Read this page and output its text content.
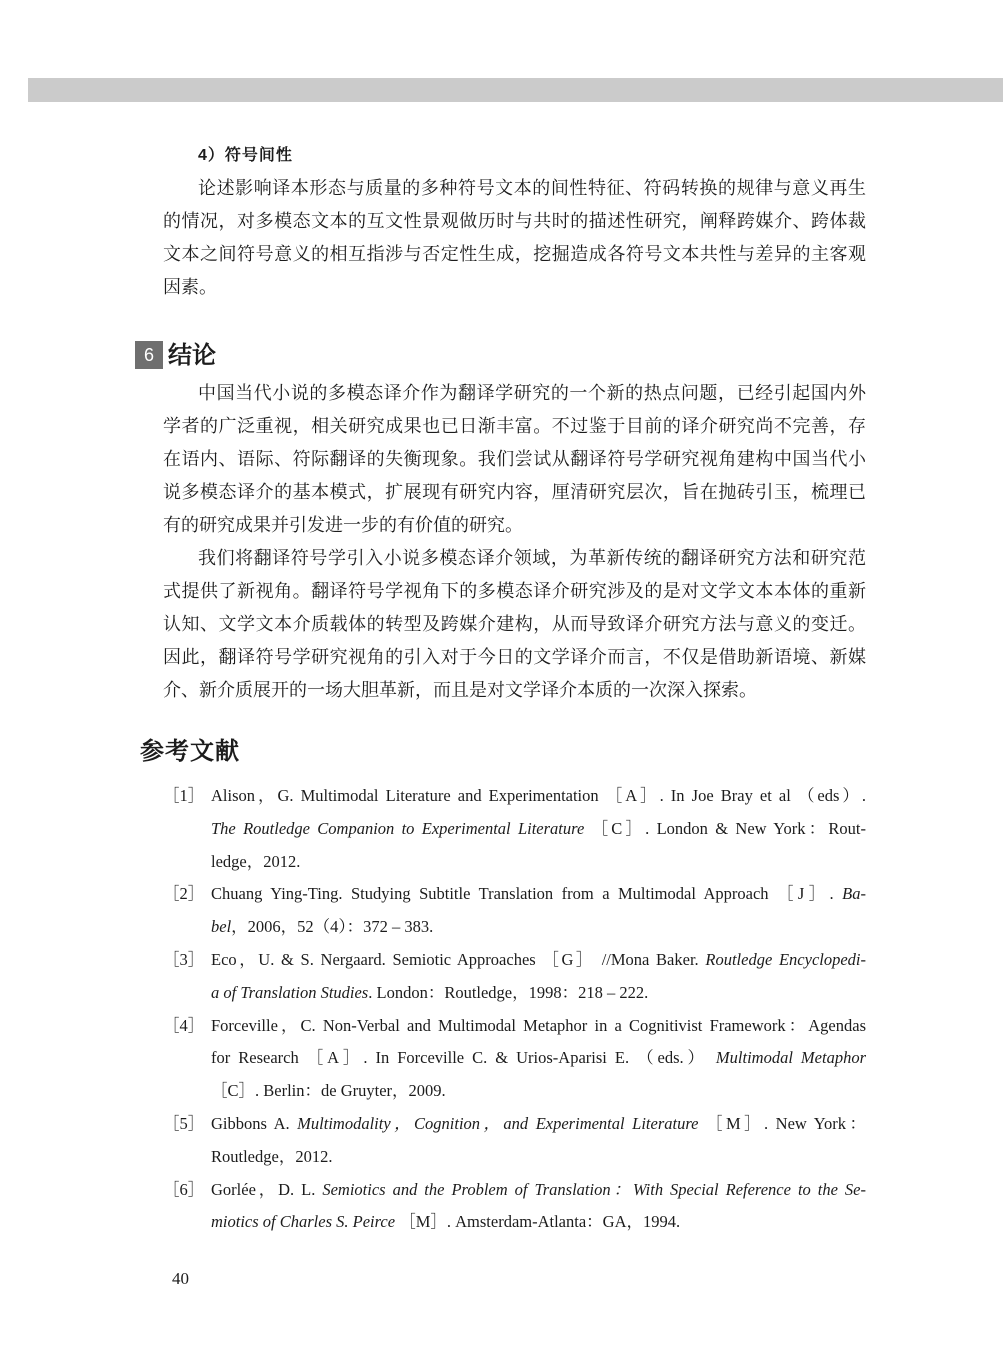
4）符号间性
论述影响译本形态与质量的多种符号文本的间性特征、符码转换的规律与意义再生
的情况，对多模态文本的互文性景观做历时与共时的描述性研究，阐释跨媒介、跨体裁
文本之间符号意义的相互指涉与否定性生成，挖掘造成各符号文本共性与差异的主客观
因素。
6 结论
中国当代小说的多模态译介作为翻译学研究的一个新的热点问题，已经引起国内外
学者的广泛重视，相关研究成果也已日渐丰富。不过鉴于目前的译介研究尚不完善，存
在语内、语际、符际翻译的失衡现象。我们尝试从翻译符号学研究视角建构中国当代小
说多模态译介的基本模式，扩展现有研究内容，厘清研究层次，旨在抛砖引玉，梳理已
有的研究成果并引发进一步的有价值的研究。
我们将翻译符号学引入小说多模态译介领域，为革新传统的翻译研究方法和研究范
式提供了新视角。翻译符号学视角下的多模态译介研究涉及的是对文学文本本体的重新
认知、文学文本介质载体的转型及跨媒介建构，从而导致译介研究方法与意义的变迁。
因此，翻译符号学研究视角的引入对于今日的文学译介而言，不仅是借助新语境、新媒
介、新介质展开的一场大胆革新，而且是对文学译介本质的一次深入探索。
参考文献
［1］ Alison，G. Multimodal Literature and Experimentation ［A］. In Joe Bray et al （eds）.
The Routledge Companion to Experimental Literature ［C］. London & New York：Rout-
ledge，2012.
［2］ Chuang Ying-Ting. Studying Subtitle Translation from a Multimodal Approach ［J］. Ba-
bel，2006，52（4）：372 – 383.
［3］ Eco，U. & S. Nergaard. Semiotic Approaches ［G］ //Mona Baker. Routledge Encyclopedi-
a of Translation Studies. London：Routledge，1998：218 – 222.
［4］ Forceville，C. Non-Verbal and Multimodal Metaphor in a Cognitivist Framework：Agendas
for Research ［A］. In Forceville C. & Urios-Aparisi E. （eds.） Multimodal Metaphor
［C］. Berlin：de Gruyter，2009.
［5］ Gibbons A. Multimodality，Cognition，and Experimental Literature ［M］. New York：
Routledge，2012.
［6］ Gorlée，D. L. Semiotics and the Problem of Translation：With Special Reference to the Se-
miotics of Charles S. Peirce ［M］. Amsterdam-Atlanta：GA，1994.
40
